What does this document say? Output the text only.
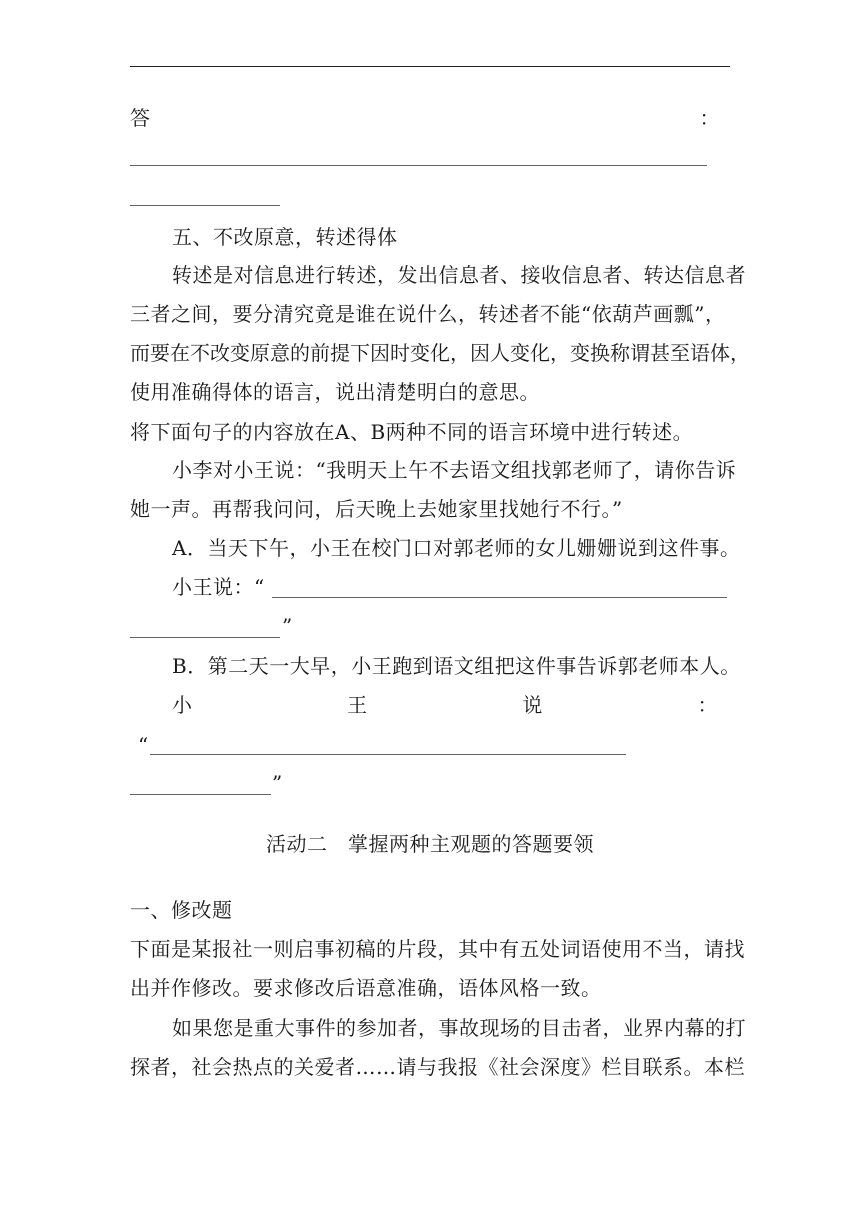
答	：
五、不改原意，转述得体
转述是对信息进行转述，发出信息者、接收信息者、转达信息者
三者之间，要分清究竟是谁在说什么，转述者不能“依葫芦画瓢”，
而要在不改变原意的前提下因时变化，因人变化，变换称谓甚至语体，
使用准确得体的语言，说出清楚明白的意思。
将下面句子的内容放在A、B两种不同的语言环境中进行转述。
小李对小王说：“我明天上午不去语文组找郭老师了，请你告诉
她一声。再帮我问问，后天晚上去她家里找她行不行。”
A．当天下午，小王在校门口对郭老师的女儿姗姗说到这件事。
小王说：“
”
B．第二天一大早，小王跑到语文组把这件事告诉郭老师本人。
小	王	说	：
“
”
活动二　掌握两种主观题的答题要领
一、修改题
下面是某报社一则启事初稿的片段，其中有五处词语使用不当，请找
出并作修改。要求修改后语意准确，语体风格一致。
如果您是重大事件的参加者，事故现场的目击者，业界内幕的打
探者，社会热点的关爱者……请与我报《社会深度》栏目联系。本栏
